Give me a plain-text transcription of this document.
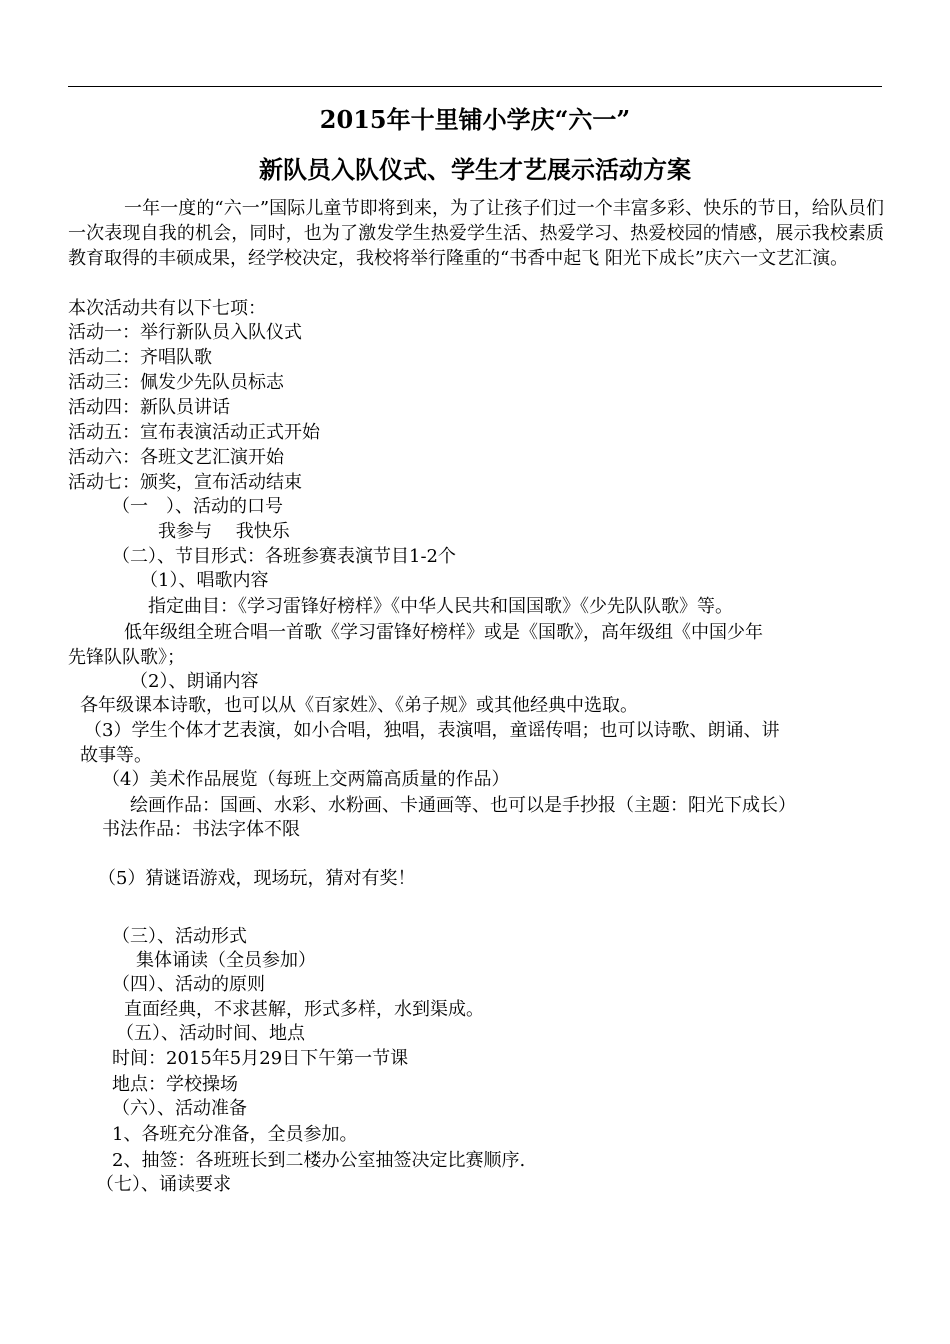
2015年十里铺小学庆“六一”
新队员入队仪式、学生才艺展示活动方案
一年一度的“六一”国际儿童节即将到来，为了让孩子们过一个丰富多彩、快乐的节日，给队员们一次表现自我的机会，同时，也为了激发学生热爱学生活、热爱学习、热爱校园的情感，展示我校素质教育取得的丰硕成果，经学校决定，我校将举行隆重的“书香中起飞 阳光下成长”庆六一文艺汇演。
本次活动共有以下七项：
活动一：举行新队员入队仪式
活动二：齐唱队歌
活动三：佩发少先队员标志
活动四：新队员讲话
活动五：宣布表演活动正式开始
活动六：各班文艺汇演开始
活动七：颁奖，宣布活动结束
（一　）、活动的口号
我参与　 我快乐
（二）、节目形式：各班参赛表演节目1-2个
（1）、唱歌内容
指定曲目：《学习雷锋好榜样》《中华人民共和国国歌》《少先队队歌》等。
低年级组全班合唱一首歌《学习雷锋好榜样》或是《国歌》，高年级组《中国少年
先锋队队歌》；
（2）、朗诵内容
各年级课本诗歌，也可以从《百家姓》、《弟子规》或其他经典中选取。
（3）学生个体才艺表演，如小合唱，独唱，表演唱，童谣传唱；也可以诗歌、朗诵、讲
故事等。
（4）美术作品展览（每班上交两篇高质量的作品）
绘画作品：国画、水彩、水粉画、卡通画等、也可以是手抄报（主题：阳光下成长）
书法作品：书法字体不限
（5）猜谜语游戏，现场玩，猜对有奖！
（三）、活动形式
集体诵读（全员参加）
（四）、活动的原则
直面经典，不求甚解，形式多样，水到渠成。
（五）、活动时间、地点
时间：2015年5月29日下午第一节课
地点：学校操场
（六）、活动准备
1、各班充分准备，全员参加。
2、抽签：各班班长到二楼办公室抽签决定比赛顺序.
（七）、诵读要求
